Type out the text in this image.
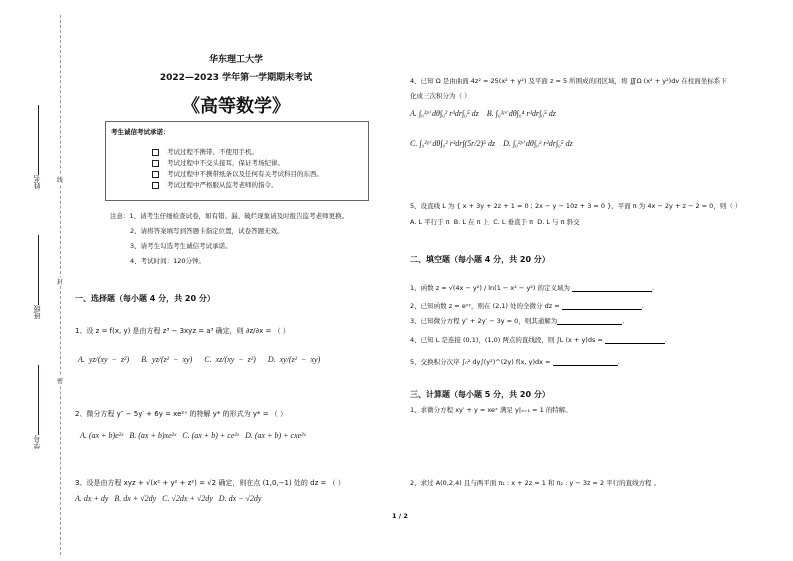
姓名
班级
学号
线
封
密
华东理工大学
2022—2023 学年第一学期期末考试
《高等数学》
考生诚信考试承诺：
考试过程不携带、不使用手机。
考试过程中不交头接耳，保证考场纪律。
考试过程中不携带纸条以及任何有关考试科目的东西。
考试过程中严格服从监考老师的指令。
注意：1、请考生仔细检查试卷，如有错、漏、破烂现象请及时报告监考老师更换。
2、请将答案填写到答题卡指定位置，试卷答题无效。
3、请考生勾选考生诚信考试承诺。
4、考试时间：120分钟。
一、选择题（每小题 4 分，共 20 分）
1、设 z = f(x, y) 是由方程 z³ − 3xyz = a³ 确定，则 ∂z/∂x = （ ）
A. yz/(xy − z²) B. yz/(z² − xy) C. xz/(xy − z²) D. xy/(z² − xy)
2、微分方程 y″ − 5y′ + 6y = xe²ˣ 的特解 y* 的形式为 y* = （ ）
A. (ax + b)e²ˣ B. (ax + b)xe²ˣ C. (ax + b) + ce²ˣ D. (ax + b) + cxe²ˣ
3、设是由方程 xyz + √(x² + y² + z²) = √2 确定，则在点 (1,0,−1) 处的 dz = （ ）
A. dx + dy B. dx + √2dy C. √2dx + √2dy D. dx − √2dy
4、已知 Ω 是由曲面 4z² = 25(x² + y²) 及平面 z = 5 所围成的闭区域，将 ∭Ω (x² + y²)dv 在柱面坐标系下
化成三次积分为（ ）
A. ∫₀²ᵖⁱ dθ∫₀² r³dr∫₀⁵ dz B. ∫₀²ᵖⁱ dθ∫₀⁴ r³dr∫₀⁵ dz
C. ∫₀²ᵖⁱ dθ∫₀² r³dr∫(5r/2)⁵ dz D. ∫₀²ᵖⁱ dθ∫₀² r²dr∫₀⁵ dz
5、设直线 L 为 { x + 3y + 2z + 1 = 0 ; 2x − y − 10z + 3 = 0 }，平面 π 为 4x − 2y + z − 2 = 0，则（ ）
A. L 平行于 π B. L 在 π 上 C. L 垂直于 π D. L 与 π 斜交
二、填空题（每小题 4 分，共 20 分）
1、函数 z = √(4x − y²) / ln(1 − x² − y²) 的定义域为	.
2、已知函数 z = eˣʸ，则在 (2,1) 处的全微分 dz =	.
3、已知微分方程 y″ + 2y′ − 3y = 0，则其通解为	.
4、已知 L 是连接 (0,1)，(1,0) 两点的直线段，则 ∫L (x + y)ds =	.
5、交换积分次序 ∫₀² dy∫(y²)^(2y) f(x, y)dx =	.
三、计算题（每小题 5 分，共 20 分）
1、求微分方程 xy′ + y = xeˣ 满足 y|ₓ₌₁ = 1 的特解。
2、求过 A(0,2,4) 且与两平面 π₁ : x + 2z = 1 和 π₂ : y − 3z = 2 平行的直线方程 。
1 / 2
